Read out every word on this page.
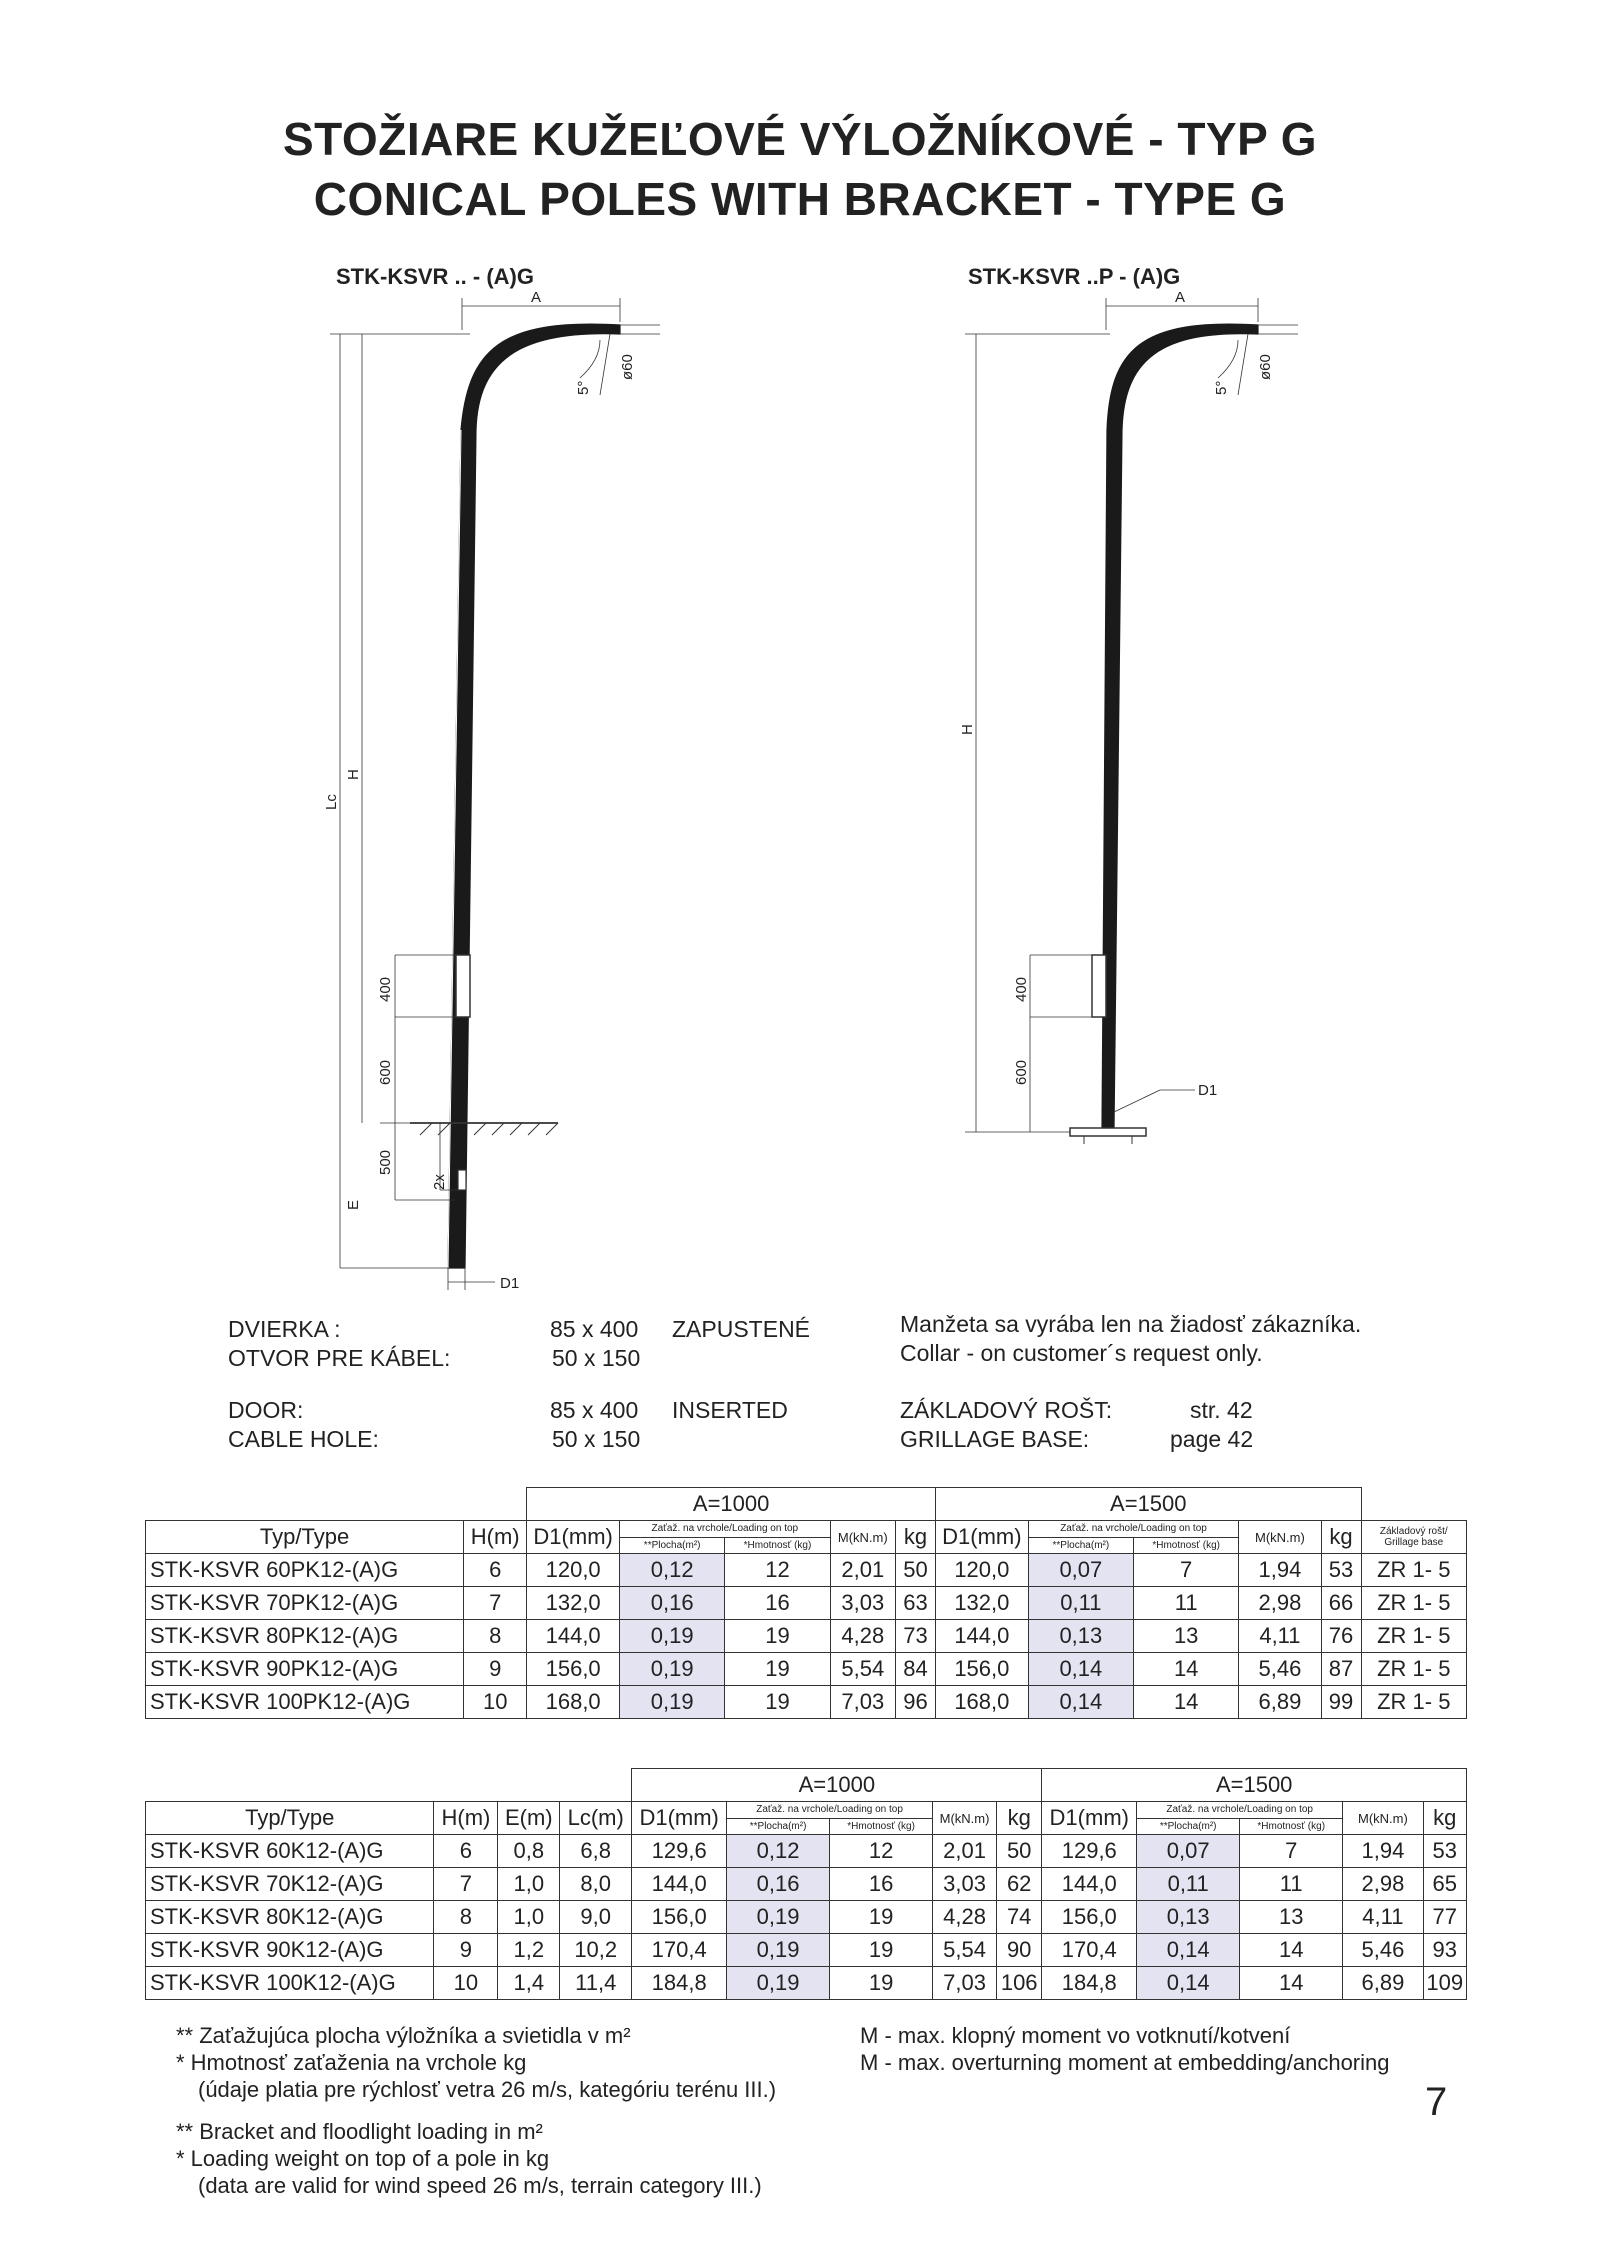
STOŽIARE KUŽEĽOVÉ VÝLOŽNÍKOVÉ - TYP G
CONICAL POLES WITH BRACKET - TYPE G
STK-KSVR .. - (A)G	STK-KSVR ..P - (A)G
A
ø60
5°
H
Lc
400
600
500
2x
E
D1
A
ø60
5°
H
400
600
D1
DVIERKA :	85 x 400 ZAPUSTENÉ
OTVOR PRE KÁBEL:	50 x 150
DOOR:	85 x 400 INSERTED
CABLE HOLE:	50 x 150
Manžeta sa vyrába len na žiadosť zákazníka.
Collar - on customer´s request only.
ZÁKLADOVÝ ROŠT:	str. 42
GRILLAGE BASE:	page 42
		A=1000					A=1500					
Typ/Type	H(m)	D1(mm)	Zaťaž. na vrchole/Loading on top		M(kN.m)	kg	D1(mm)	Zaťaž. na vrchole/Loading on top		M(kN.m)	kg	Základový rošt/ Grillage base
			**Plocha(m²)	*Hmotnosť (kg)				**Plocha(m²)	*Hmotnosť (kg)			
STK-KSVR 60PK12-(A)G	6	120,0	0,12	12	2,01	50	120,0	0,07	7	1,94	53	ZR 1- 5
STK-KSVR 70PK12-(A)G	7	132,0	0,16	16	3,03	63	132,0	0,11	11	2,98	66	ZR 1- 5
STK-KSVR 80PK12-(A)G	8	144,0	0,19	19	4,28	73	144,0	0,13	13	4,11	76	ZR 1- 5
STK-KSVR 90PK12-(A)G	9	156,0	0,19	19	5,54	84	156,0	0,14	14	5,46	87	ZR 1- 5
STK-KSVR 100PK12-(A)G	10	168,0	0,19	19	7,03	96	168,0	0,14	14	6,89	99	ZR 1- 5
				A=1000					A=1500				
Typ/Type	H(m)	E(m)	Lc(m)	D1(mm)	Zaťaž. na vrchole/Loading on top		M(kN.m)	kg	D1(mm)	Zaťaž. na vrchole/Loading on top		M(kN.m)	kg
					**Plocha(m²)	*Hmotnosť (kg)				**Plocha(m²)	*Hmotnosť (kg)		
STK-KSVR 60K12-(A)G	6	0,8	6,8	129,6	0,12	12	2,01	50	129,6	0,07	7	1,94	53
STK-KSVR 70K12-(A)G	7	1,0	8,0	144,0	0,16	16	3,03	62	144,0	0,11	11	2,98	65
STK-KSVR 80K12-(A)G	8	1,0	9,0	156,0	0,19	19	4,28	74	156,0	0,13	13	4,11	77
STK-KSVR 90K12-(A)G	9	1,2	10,2	170,4	0,19	19	5,54	90	170,4	0,14	14	5,46	93
STK-KSVR 100K12-(A)G	10	1,4	11,4	184,8	0,19	19	7,03	106	184,8	0,14	14	6,89	109
** Zaťažujúca plocha výložníka a svietidla v m²
* Hmotnosť zaťaženia na vrchole kg
(údaje platia pre rýchlosť vetra 26 m/s, kategóriu terénu III.)
** Bracket and floodlight loading in m²
* Loading weight on top of a pole in kg
(data are valid for wind speed 26 m/s, terrain category III.)
M - max. klopný moment vo votknutí/kotvení
M - max. overturning moment at embedding/anchoring
7
